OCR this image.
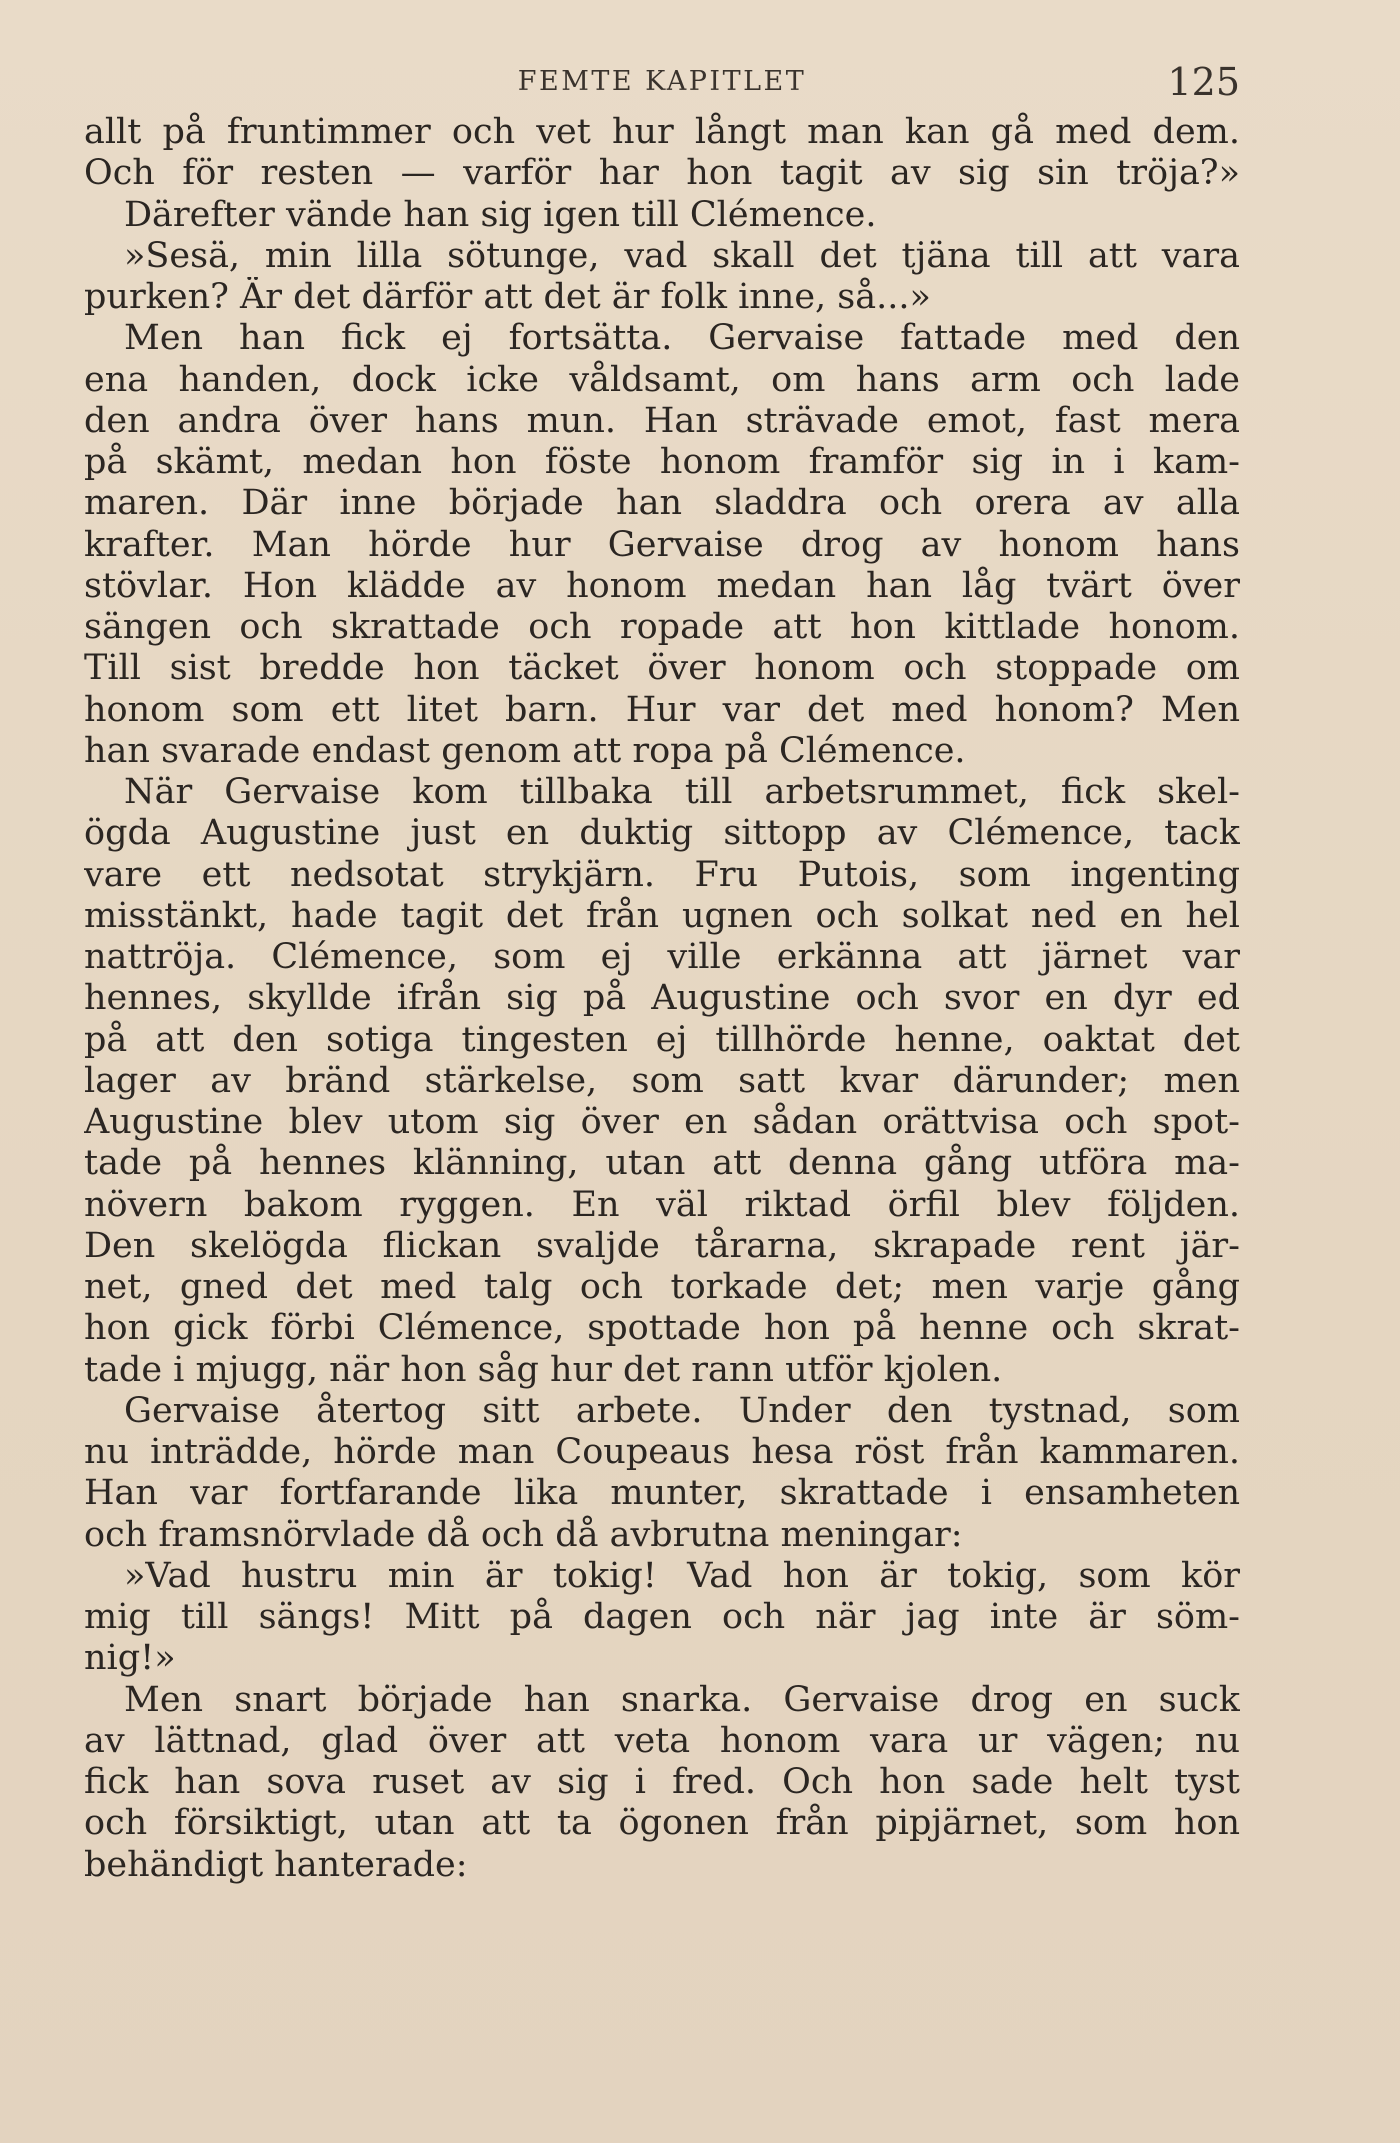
FEMTE KAPITLET	125
allt på fruntimmer och vet hur långt man kan gå med dem.
Och för resten — varför har hon tagit av sig sin tröja?»
Därefter vände han sig igen till Clémence.
»Sesä, min lilla sötunge, vad skall det tjäna till att vara
purken? Är det därför att det är folk inne, så...»
Men han fick ej fortsätta. Gervaise fattade med den
ena handen, dock icke våldsamt, om hans arm och lade
den andra över hans mun. Han strävade emot, fast mera
på skämt, medan hon föste honom framför sig in i kam-
maren. Där inne började han sladdra och orera av alla
krafter. Man hörde hur Gervaise drog av honom hans
stövlar. Hon klädde av honom medan han låg tvärt över
sängen och skrattade och ropade att hon kittlade honom.
Till sist bredde hon täcket över honom och stoppade om
honom som ett litet barn. Hur var det med honom? Men
han svarade endast genom att ropa på Clémence.
När Gervaise kom tillbaka till arbetsrummet, fick skel-
ögda Augustine just en duktig sittopp av Clémence, tack
vare ett nedsotat strykjärn. Fru Putois, som ingenting
misstänkt, hade tagit det från ugnen och solkat ned en hel
nattröja. Clémence, som ej ville erkänna att järnet var
hennes, skyllde ifrån sig på Augustine och svor en dyr ed
på att den sotiga tingesten ej tillhörde henne, oaktat det
lager av bränd stärkelse, som satt kvar därunder; men
Augustine blev utom sig över en sådan orättvisa och spot-
tade på hennes klänning, utan att denna gång utföra ma-
növern bakom ryggen. En väl riktad örfil blev följden.
Den skelögda flickan svaljde tårarna, skrapade rent jär-
net, gned det med talg och torkade det; men varje gång
hon gick förbi Clémence, spottade hon på henne och skrat-
tade i mjugg, när hon såg hur det rann utför kjolen.
Gervaise återtog sitt arbete. Under den tystnad, som
nu inträdde, hörde man Coupeaus hesa röst från kammaren.
Han var fortfarande lika munter, skrattade i ensamheten
och framsnörvlade då och då avbrutna meningar:
»Vad hustru min är tokig! Vad hon är tokig, som kör
mig till sängs! Mitt på dagen och när jag inte är söm-
nig!»
Men snart började han snarka. Gervaise drog en suck
av lättnad, glad över att veta honom vara ur vägen; nu
fick han sova ruset av sig i fred. Och hon sade helt tyst
och försiktigt, utan att ta ögonen från pipjärnet, som hon
behändigt hanterade:
